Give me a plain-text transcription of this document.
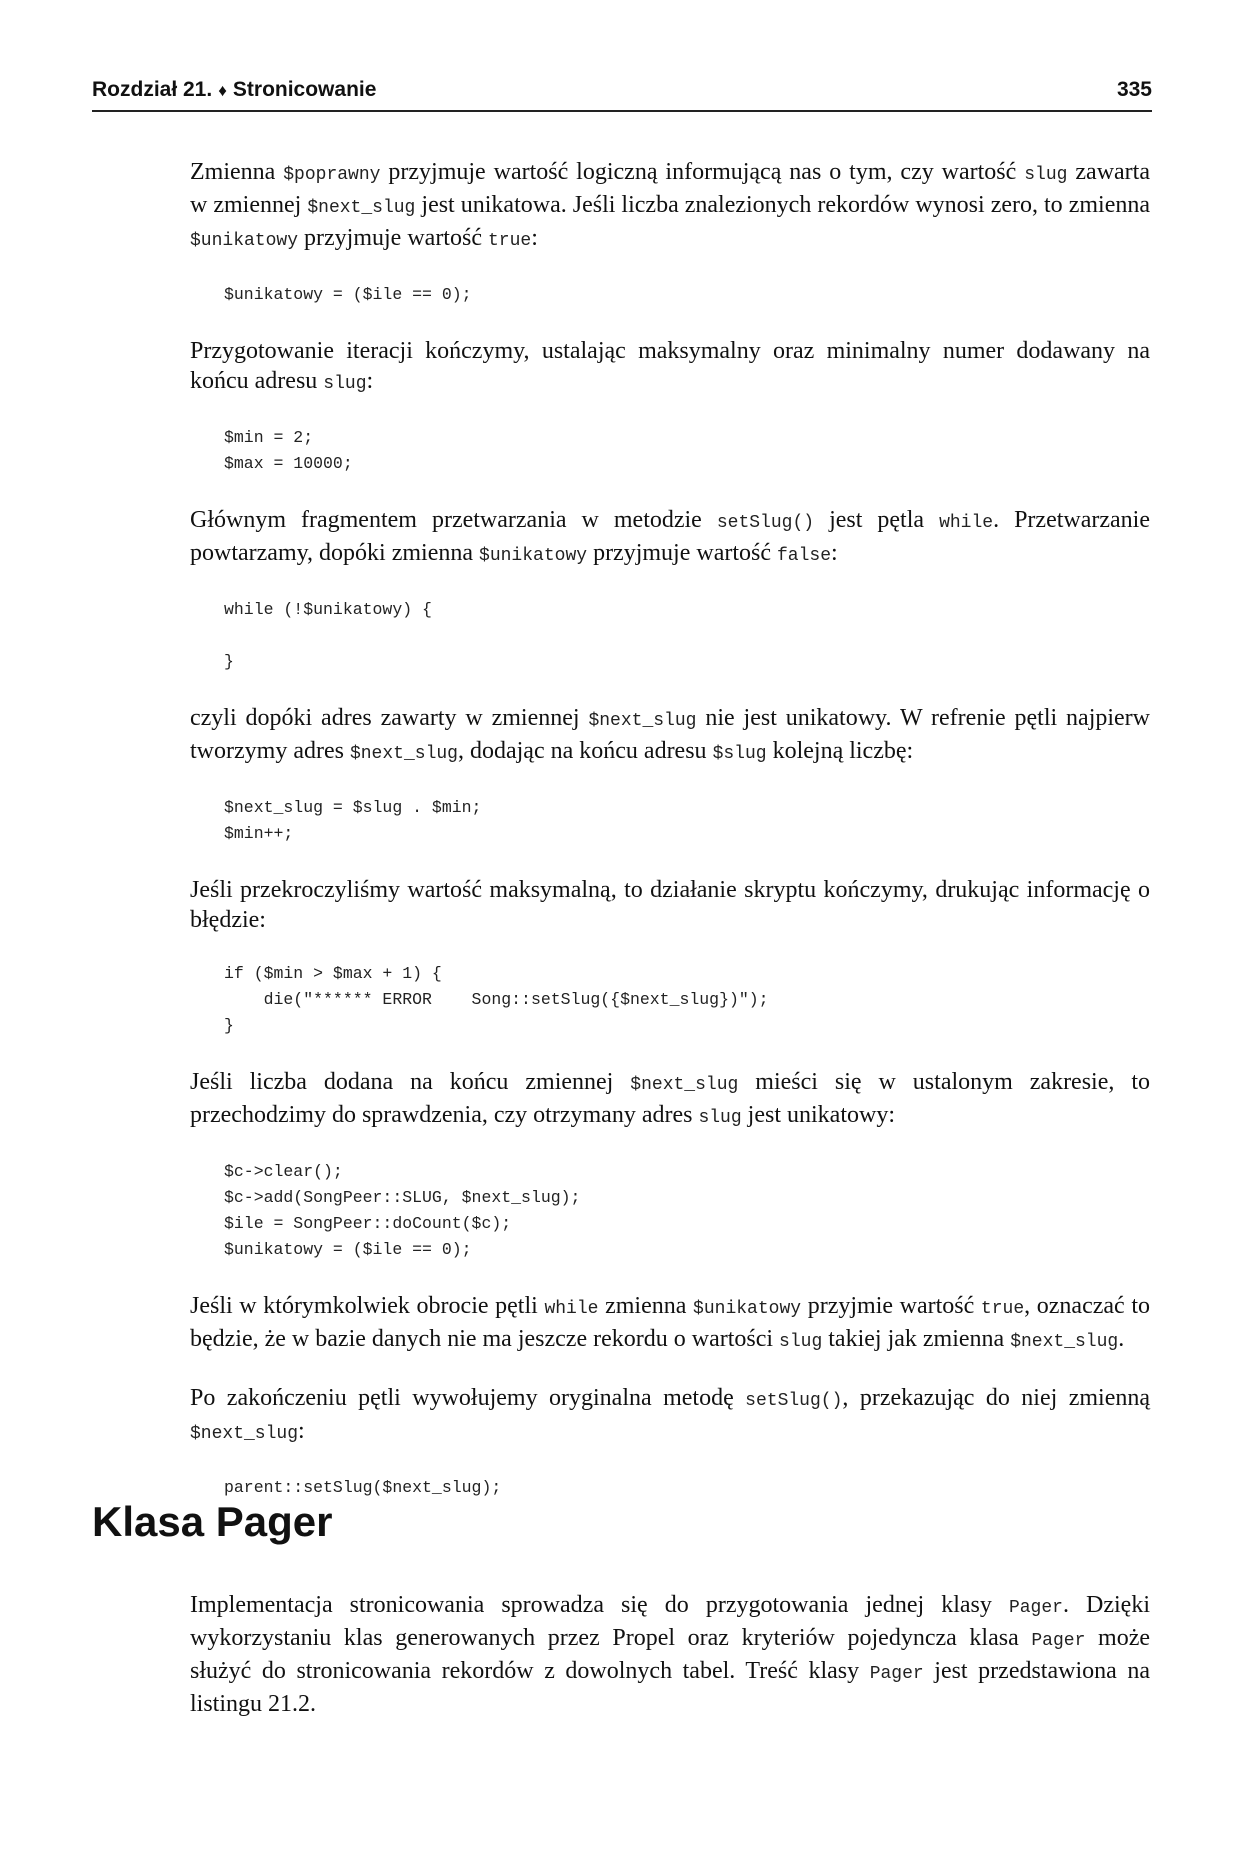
Rozdział 21. ♦ Stronicowanie	335

Zmienna $poprawny przyjmuje wartość logiczną informującą nas o tym, czy wartość slug zawarta w zmiennej $next_slug jest unikatowa. Jeśli liczba znalezionych rekordów wynosi zero, to zmienna $unikatowy przyjmuje wartość true:

$unikatowy = ($ile == 0);

Przygotowanie iteracji kończymy, ustalając maksymalny oraz minimalny numer dodawany na końcu adresu slug:

$min = 2;
$max = 10000;

Głównym fragmentem przetwarzania w metodzie setSlug() jest pętla while. Przetwarzanie powtarzamy, dopóki zmienna $unikatowy przyjmuje wartość false:

while (!$unikatowy) {

}

czyli dopóki adres zawarty w zmiennej $next_slug nie jest unikatowy. W refrenie pętli najpierw tworzymy adres $next_slug, dodając na końcu adresu $slug kolejną liczbę:

$next_slug = $slug . $min;
$min++;

Jeśli przekroczyliśmy wartość maksymalną, to działanie skryptu kończymy, drukując informację o błędzie:

if ($min > $max + 1) {
die("****** ERROR    Song::setSlug({$next_slug})");
}

Jeśli liczba dodana na końcu zmiennej $next_slug mieści się w ustalonym zakresie, to przechodzimy do sprawdzenia, czy otrzymany adres slug jest unikatowy:

$c->clear();
$c->add(SongPeer::SLUG, $next_slug);
$ile = SongPeer::doCount($c);
$unikatowy = ($ile == 0);

Jeśli w którymkolwiek obrocie pętli while zmienna $unikatowy przyjmie wartość true, oznaczać to będzie, że w bazie danych nie ma jeszcze rekordu o wartości slug takiej jak zmienna $next_slug.

Po zakończeniu pętli wywołujemy oryginalna metodę setSlug(), przekazując do niej zmienną $next_slug:

parent::setSlug($next_slug);
Klasa Pager

Implementacja stronicowania sprowadza się do przygotowania jednej klasy Pager. Dzięki wykorzystaniu klas generowanych przez Propel oraz kryteriów pojedyncza klasa Pager może służyć do stronicowania rekordów z dowolnych tabel. Treść klasy Pager jest przedstawiona na listingu 21.2.
